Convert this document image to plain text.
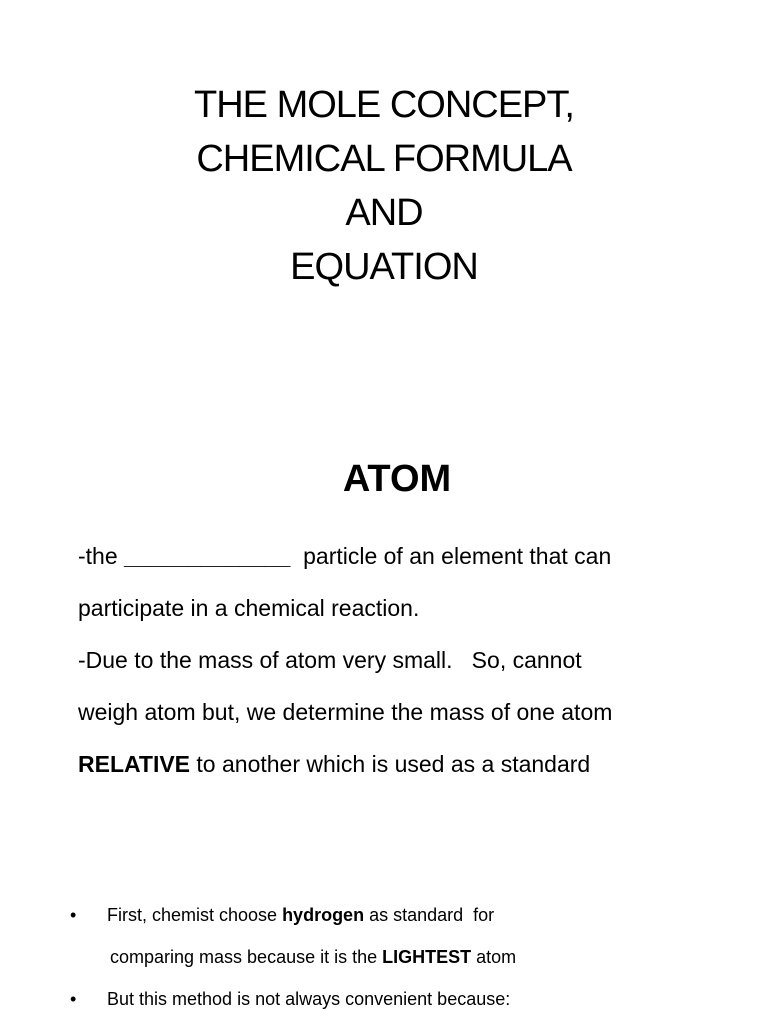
THE MOLE CONCEPT,
CHEMICAL FORMULA
AND
EQUATION
ATOM
-the _____________  particle of an element that can
participate in a chemical reaction.
-Due to the mass of atom very small.   So, cannot
weigh atom but, we determine the mass of one atom
RELATIVE to another which is used as a standard
• First, chemist choose hydrogen as standard  for
comparing mass because it is the LIGHTEST atom
• But this method is not always convenient because:
